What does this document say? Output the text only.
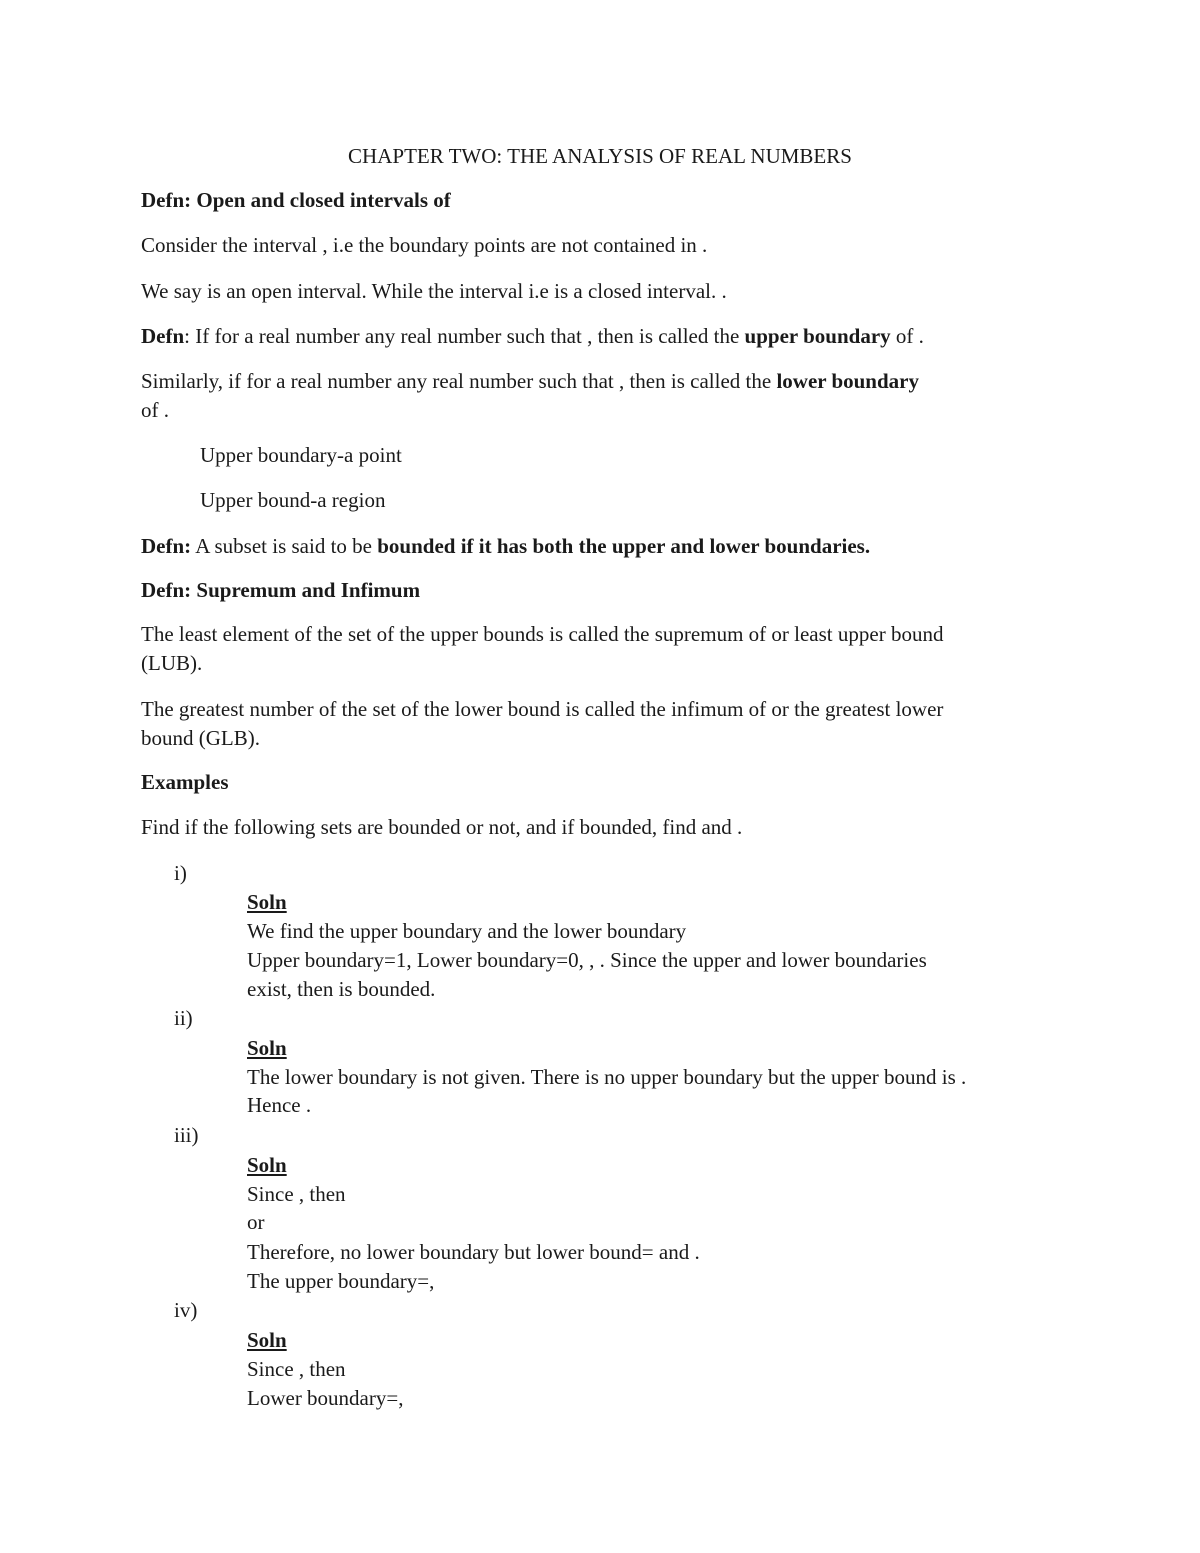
CHAPTER TWO: THE ANALYSIS OF REAL NUMBERS
Defn: Open and closed intervals of
Consider the interval , i.e the boundary points are not contained in .
We say is an open interval. While the interval i.e is a closed interval. .
Defn: If for a real number any real number such that , then is called the upper boundary of .
Similarly, if for a real number any real number such that , then is called the lower boundary
of .
Upper boundary-a point
Upper bound-a region
Defn: A subset is said to be bounded if it has both the upper and lower boundaries.
Defn: Supremum and Infimum
The least element of the set of the upper bounds is called the supremum of or least upper bound
(LUB).
The greatest number of the set of the lower bound is called the infimum of or the greatest lower
bound (GLB).
Examples
Find if the following sets are bounded or not, and if bounded, find and .
i)
Soln
We find the upper boundary and the lower boundary
Upper boundary=1, Lower boundary=0, , . Since the upper and lower boundaries
exist, then is bounded.
ii)
Soln
The lower boundary is not given. There is no upper boundary but the upper bound is .
Hence .
iii)
Soln
Since , then
or
Therefore, no lower boundary but lower bound= and .
The upper boundary=,
iv)
Soln
Since , then
Lower boundary=,
